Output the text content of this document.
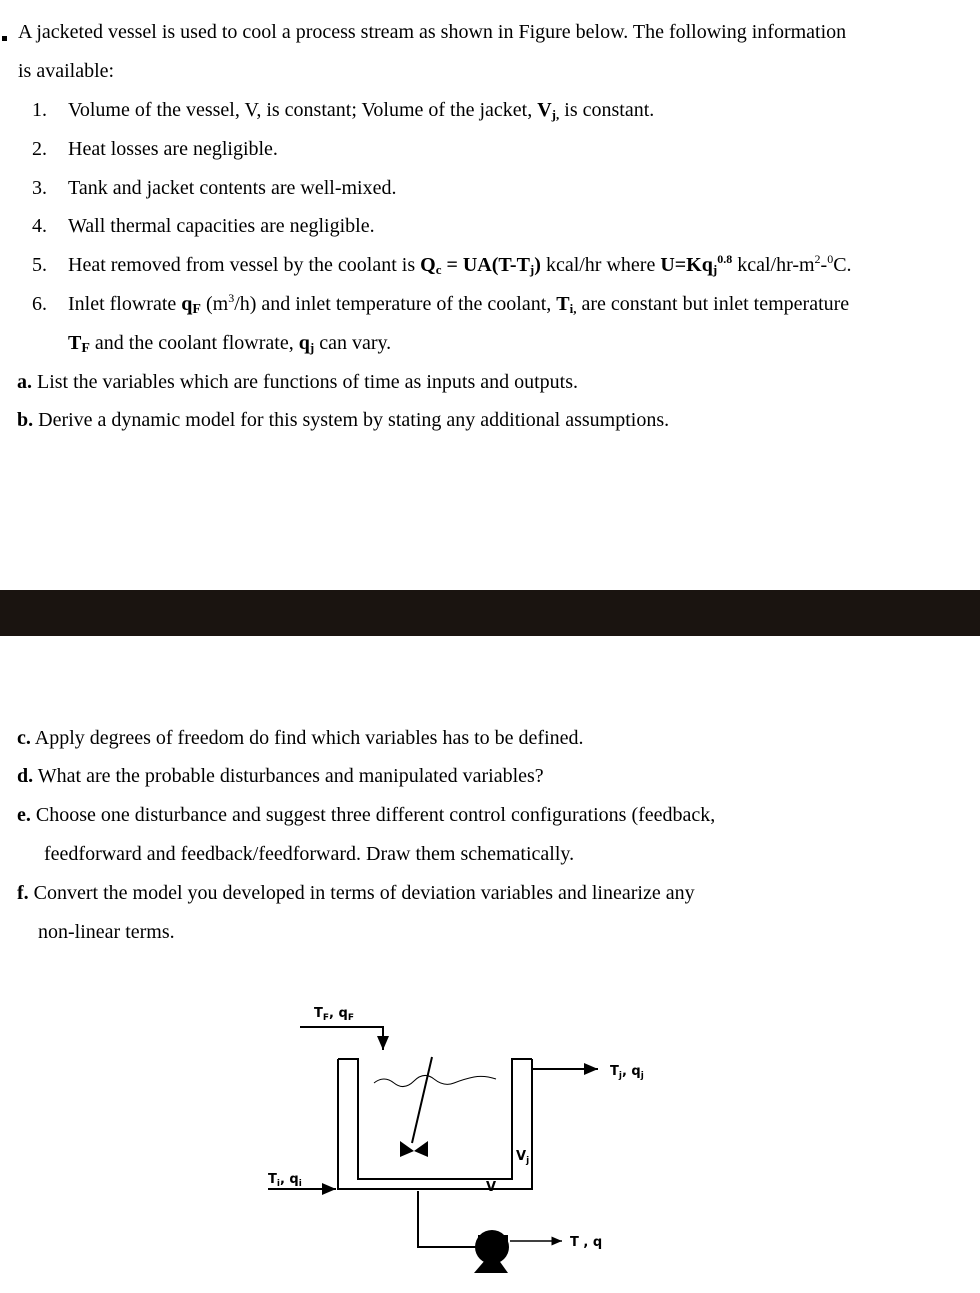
A jacketed vessel is used to cool a process stream as shown in Figure below. The following information
is available:
1. Volume of the vessel, V, is constant; Volume of the jacket, $V_{j,}$ is constant.
2. Heat losses are negligible.
3. Tank and jacket contents are well-mixed.
4. Wall thermal capacities are negligible.
5. Heat removed from vessel by the coolant is $Q_c = UA(T-T_j)$ kcal/hr where $U=Kq_j^{0.8}$ kcal/$hr-m^2-^0C$.
6. Inlet flowrate $q_F$ $(m^3/h)$ and inlet temperature of the coolant, $T_{i,}$ are constant but inlet temperature
$T_F$ and the coolant flowrate, $q_j$ can vary.
a. List the variables which are functions of time as inputs and outputs.
b. Derive a dynamic model for this system by stating any additional assumptions.
c. Apply degrees of freedom do find which variables has to be defined.
d. What are the probable disturbances and manipulated variables?
e. Choose one disturbance and suggest three different control configurations (feedback,
feedforward and feedback/feedforward. Draw them schematically.
f. Convert the model you developed in terms of deviation variables and linearize any
non-linear terms.
$T_F$, $q_F$
$T_j$, $q_j$
$T_i$, $q_i$
$V_j$
V
T , q
